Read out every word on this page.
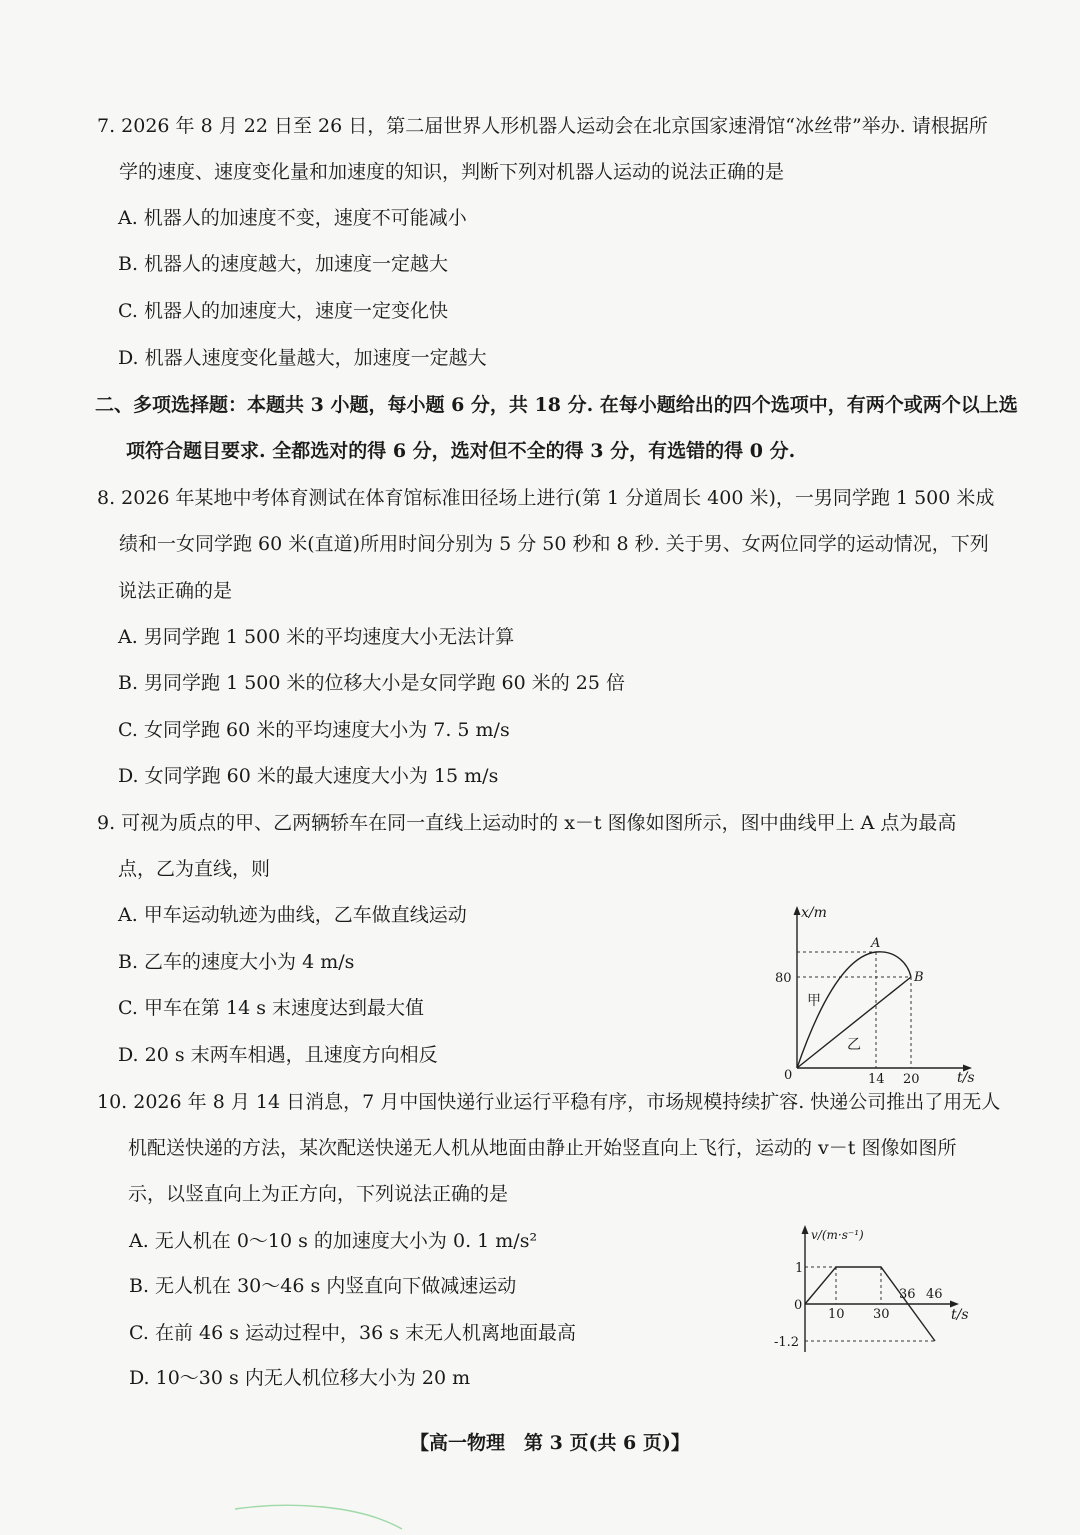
7. 2026 年 8 月 22 日至 26 日，第二届世界人形机器人运动会在北京国家速滑馆“冰丝带”举办. 请根据所
学的速度、速度变化量和加速度的知识，判断下列对机器人运动的说法正确的是
A. 机器人的加速度不变，速度不可能减小
B. 机器人的速度越大，加速度一定越大
C. 机器人的加速度大，速度一定变化快
D. 机器人速度变化量越大，加速度一定越大
二、多项选择题：本题共 3 小题，每小题 6 分，共 18 分. 在每小题给出的四个选项中，有两个或两个以上选
项符合题目要求. 全都选对的得 6 分，选对但不全的得 3 分，有选错的得 0 分.
8. 2026 年某地中考体育测试在体育馆标准田径场上进行(第 1 分道周长 400 米)，一男同学跑 1 500 米成
绩和一女同学跑 60 米(直道)所用时间分别为 5 分 50 秒和 8 秒. 关于男、女两位同学的运动情况，下列
说法正确的是
A. 男同学跑 1 500 米的平均速度大小无法计算
B. 男同学跑 1 500 米的位移大小是女同学跑 60 米的 25 倍
C. 女同学跑 60 米的平均速度大小为 7. 5 m/s
D. 女同学跑 60 米的最大速度大小为 15 m/s
9. 可视为质点的甲、乙两辆轿车在同一直线上运动时的 x－t 图像如图所示，图中曲线甲上 A 点为最高
点，乙为直线，则
A. 甲车运动轨迹为曲线，乙车做直线运动
B. 乙车的速度大小为 4 m/s
C. 甲车在第 14 s 末速度达到最大值
D. 20 s 末两车相遇，且速度方向相反
x/m
t/s
0
80
14 20
A
B
甲
乙
10. 2026 年 8 月 14 日消息，7 月中国快递行业运行平稳有序，市场规模持续扩容. 快递公司推出了用无人
机配送快递的方法，某次配送快递无人机从地面由静止开始竖直向上飞行，运动的 v－t 图像如图所
示，以竖直向上为正方向，下列说法正确的是
A. 无人机在 0～10 s 的加速度大小为 0. 1 m/s²
B. 无人机在 30～46 s 内竖直向下做减速运动
C. 在前 46 s 运动过程中，36 s 末无人机离地面最高
D. 10～30 s 内无人机位移大小为 20 m
v/(m·s⁻¹)
t/s
0
1
-1.2
10 30
36 46
【高一物理　第 3 页(共 6 页)】
